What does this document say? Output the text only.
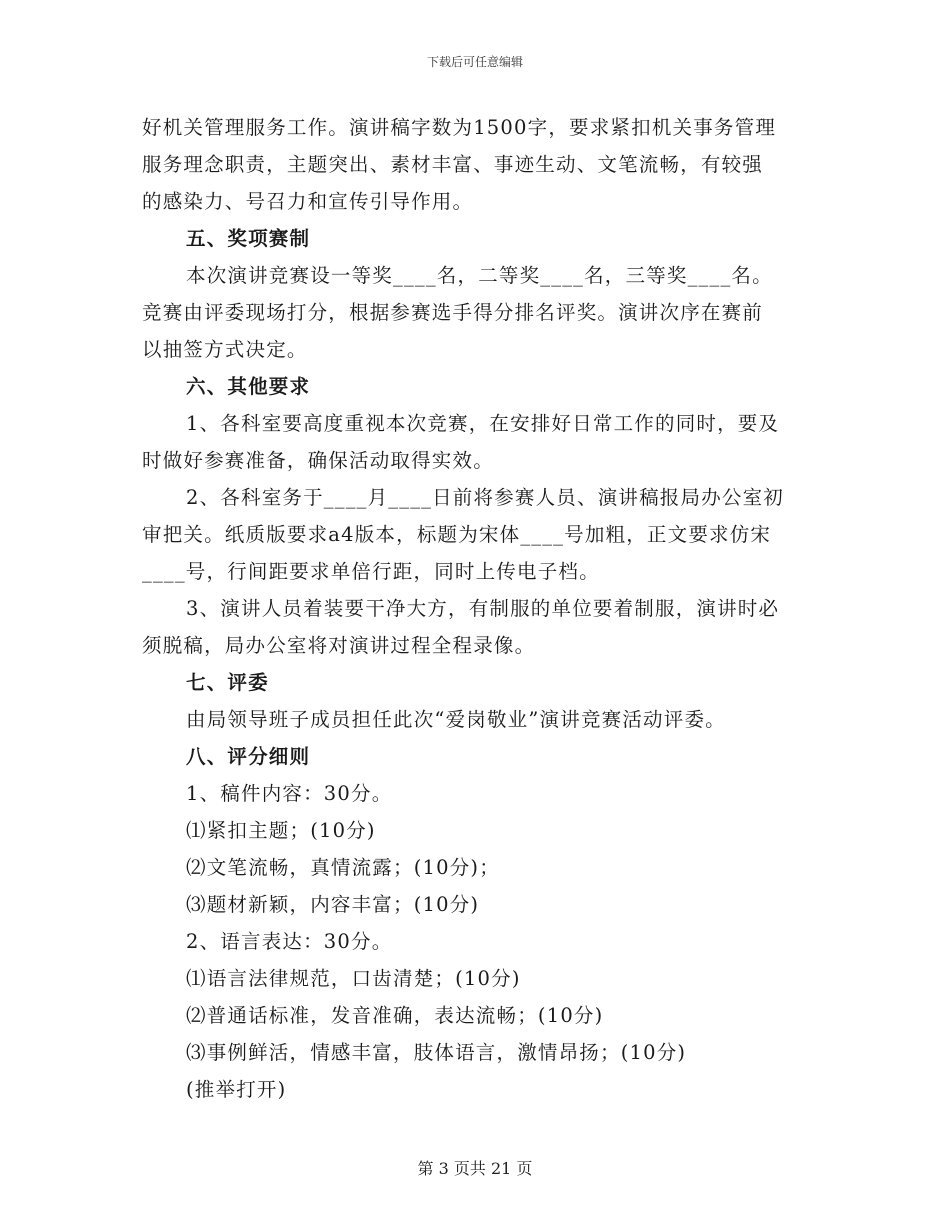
下载后可任意编辑
好机关管理服务工作。演讲稿字数为1500字，要求紧扣机关事务管理
服务理念职责，主题突出、素材丰富、事迹生动、文笔流畅，有较强
的感染力、号召力和宣传引导作用。
五、奖项赛制
本次演讲竞赛设一等奖____名，二等奖____名，三等奖____名。
竞赛由评委现场打分，根据参赛选手得分排名评奖。演讲次序在赛前
以抽签方式决定。
六、其他要求
1、各科室要高度重视本次竞赛，在安排好日常工作的同时，要及
时做好参赛准备，确保活动取得实效。
2、各科室务于____月____日前将参赛人员、演讲稿报局办公室初
审把关。纸质版要求a4版本，标题为宋体____号加粗，正文要求仿宋
____号，行间距要求单倍行距，同时上传电子档。
3、演讲人员着装要干净大方，有制服的单位要着制服，演讲时必
须脱稿，局办公室将对演讲过程全程录像。
七、评委
由局领导班子成员担任此次“爱岗敬业”演讲竞赛活动评委。
八、评分细则
1、稿件内容：30分。
⑴紧扣主题；(10分)
⑵文笔流畅，真情流露；(10分)；
⑶题材新颖，内容丰富；(10分)
2、语言表达：30分。
⑴语言法律规范，口齿清楚；(10分)
⑵普通话标准，发音准确，表达流畅；(10分)
⑶事例鲜活，情感丰富，肢体语言，激情昂扬；(10分)
(推举打开)
第 3 页共 21 页
